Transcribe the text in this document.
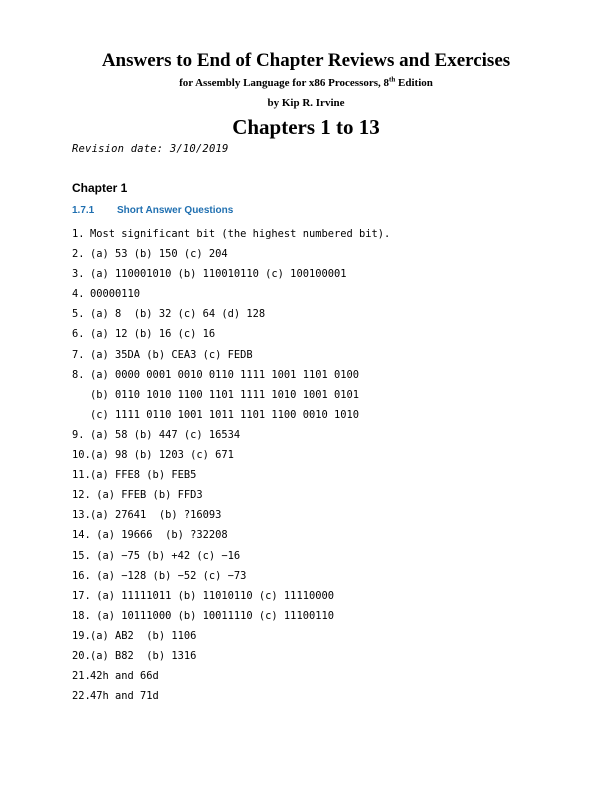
Answers to End of Chapter Reviews and Exercises
for Assembly Language for x86 Processors, 8th Edition
by Kip R. Irvine
Chapters 1 to 13
Revision date: 3/10/2019
Chapter 1
1.7.1 Short Answer Questions
1. Most significant bit (the highest numbered bit).
2. (a) 53 (b) 150 (c) 204
3. (a) 110001010 (b) 110010110 (c) 100100001
4. 00000110
5. (a) 8  (b) 32 (c) 64 (d) 128
6. (a) 12 (b) 16 (c) 16
7. (a) 35DA (b) CEA3 (c) FEDB
8. (a) 0000 0001 0010 0110 1111 1001 1101 0100
(b) 0110 1010 1100 1101 1111 1010 1001 0101
(c) 1111 0110 1001 1011 1101 1100 0010 1010
9. (a) 58 (b) 447 (c) 16534
10.(a) 98 (b) 1203 (c) 671
11.(a) FFE8 (b) FEB5
12. (a) FFEB (b) FFD3
13.(a) 27641  (b) ?16093
14. (a) 19666  (b) ?32208
15. (a) −75 (b) +42 (c) −16
16. (a) −128 (b) −52 (c) −73
17. (a) 11111011 (b) 11010110 (c) 11110000
18. (a) 10111000 (b) 10011110 (c) 11100110
19.(a) AB2  (b) 1106
20.(a) B82  (b) 1316
21.42h and 66d
22.47h and 71d
